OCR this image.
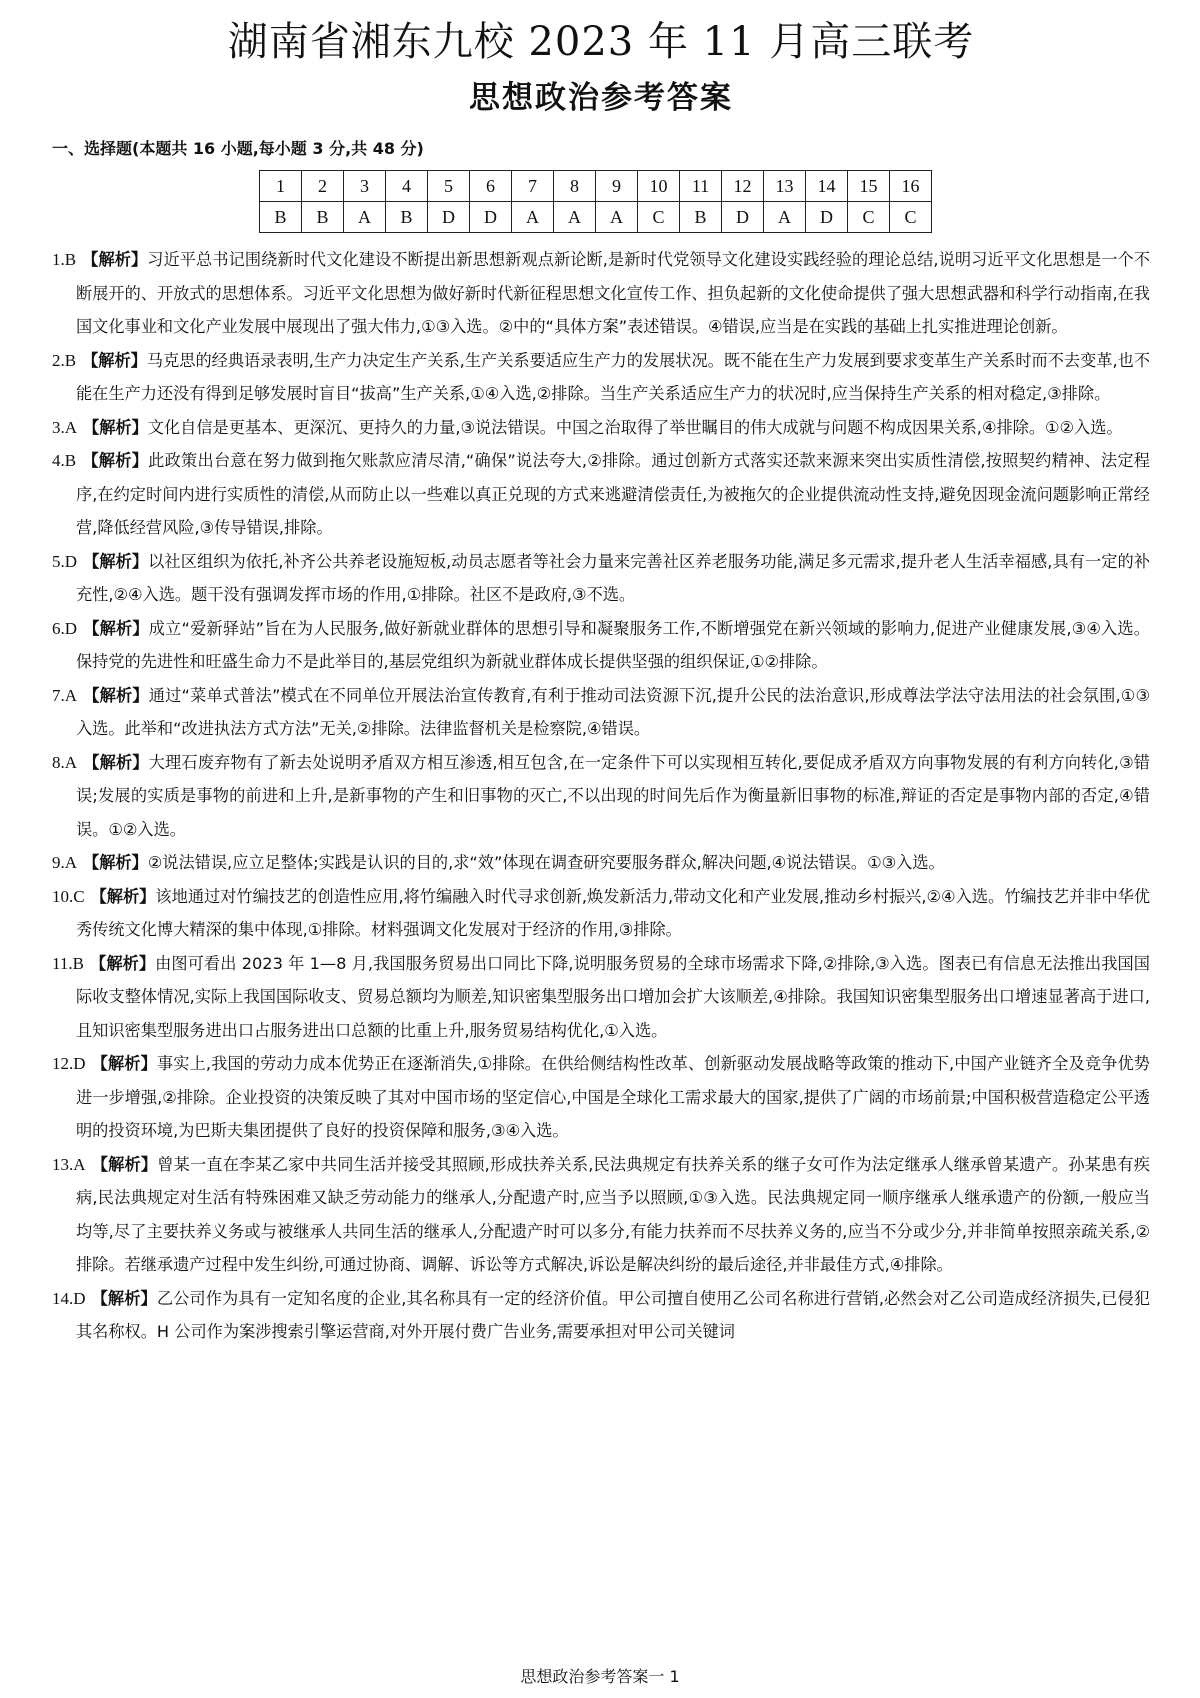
湖南省湘东九校 2023 年 11 月高三联考
思想政治参考答案
一、选择题(本题共 16 小题,每小题 3 分,共 48 分)
1	2	3	4	5	6	7	8	9	10	11	12	13	14	15	16
B	B	A	B	D	D	A	A	A	C	B	D	A	D	C	C

1.B 【解析】习近平总书记围绕新时代文化建设不断提出新思想新观点新论断,是新时代党领导文化建设实践经验的理论总结,说明习近平文化思想是一个不断展开的、开放式的思想体系。习近平文化思想为做好新时代新征程思想文化宣传工作、担负起新的文化使命提供了强大思想武器和科学行动指南,在我国文化事业和文化产业发展中展现出了强大伟力,①③入选。②中的“具体方案”表述错误。④错误,应当是在实践的基础上扎实推进理论创新。

2.B 【解析】马克思的经典语录表明,生产力决定生产关系,生产关系要适应生产力的发展状况。既不能在生产力发展到要求变革生产关系时而不去变革,也不能在生产力还没有得到足够发展时盲目“拔高”生产关系,①④入选,②排除。当生产关系适应生产力的状况时,应当保持生产关系的相对稳定,③排除。

3.A 【解析】文化自信是更基本、更深沉、更持久的力量,③说法错误。中国之治取得了举世瞩目的伟大成就与问题不构成因果关系,④排除。①②入选。

4.B 【解析】此政策出台意在努力做到拖欠账款应清尽清,“确保”说法夸大,②排除。通过创新方式落实还款来源来突出实质性清偿,按照契约精神、法定程序,在约定时间内进行实质性的清偿,从而防止以一些难以真正兑现的方式来逃避清偿责任,为被拖欠的企业提供流动性支持,避免因现金流问题影响正常经营,降低经营风险,③传导错误,排除。

5.D 【解析】以社区组织为依托,补齐公共养老设施短板,动员志愿者等社会力量来完善社区养老服务功能,满足多元需求,提升老人生活幸福感,具有一定的补充性,②④入选。题干没有强调发挥市场的作用,①排除。社区不是政府,③不选。

6.D 【解析】成立“爱新驿站”旨在为人民服务,做好新就业群体的思想引导和凝聚服务工作,不断增强党在新兴领域的影响力,促进产业健康发展,③④入选。保持党的先进性和旺盛生命力不是此举目的,基层党组织为新就业群体成长提供坚强的组织保证,①②排除。

7.A 【解析】通过“菜单式普法”模式在不同单位开展法治宣传教育,有利于推动司法资源下沉,提升公民的法治意识,形成尊法学法守法用法的社会氛围,①③入选。此举和“改进执法方式方法”无关,②排除。法律监督机关是检察院,④错误。

8.A 【解析】大理石废弃物有了新去处说明矛盾双方相互渗透,相互包含,在一定条件下可以实现相互转化,要促成矛盾双方向事物发展的有利方向转化,③错误;发展的实质是事物的前进和上升,是新事物的产生和旧事物的灭亡,不以出现的时间先后作为衡量新旧事物的标准,辩证的否定是事物内部的否定,④错误。①②入选。

9.A 【解析】②说法错误,应立足整体;实践是认识的目的,求“效”体现在调查研究要服务群众,解决问题,④说法错误。①③入选。

10.C 【解析】该地通过对竹编技艺的创造性应用,将竹编融入时代寻求创新,焕发新活力,带动文化和产业发展,推动乡村振兴,②④入选。竹编技艺并非中华优秀传统文化博大精深的集中体现,①排除。材料强调文化发展对于经济的作用,③排除。

11.B 【解析】由图可看出 2023 年 1—8 月,我国服务贸易出口同比下降,说明服务贸易的全球市场需求下降,②排除,③入选。图表已有信息无法推出我国国际收支整体情况,实际上我国国际收支、贸易总额均为顺差,知识密集型服务出口增加会扩大该顺差,④排除。我国知识密集型服务出口增速显著高于进口,且知识密集型服务进出口占服务进出口总额的比重上升,服务贸易结构优化,①入选。

12.D 【解析】事实上,我国的劳动力成本优势正在逐渐消失,①排除。在供给侧结构性改革、创新驱动发展战略等政策的推动下,中国产业链齐全及竞争优势进一步增强,②排除。企业投资的决策反映了其对中国市场的坚定信心,中国是全球化工需求最大的国家,提供了广阔的市场前景;中国积极营造稳定公平透明的投资环境,为巴斯夫集团提供了良好的投资保障和服务,③④入选。

13.A 【解析】曾某一直在李某乙家中共同生活并接受其照顾,形成扶养关系,民法典规定有扶养关系的继子女可作为法定继承人继承曾某遗产。孙某患有疾病,民法典规定对生活有特殊困难又缺乏劳动能力的继承人,分配遗产时,应当予以照顾,①③入选。民法典规定同一顺序继承人继承遗产的份额,一般应当均等,尽了主要扶养义务或与被继承人共同生活的继承人,分配遗产时可以多分,有能力扶养而不尽扶养义务的,应当不分或少分,并非简单按照亲疏关系,②排除。若继承遗产过程中发生纠纷,可通过协商、调解、诉讼等方式解决,诉讼是解决纠纷的最后途径,并非最佳方式,④排除。

14.D 【解析】乙公司作为具有一定知名度的企业,其名称具有一定的经济价值。甲公司擅自使用乙公司名称进行营销,必然会对乙公司造成经济损失,已侵犯其名称权。H 公司作为案涉搜索引擎运营商,对外开展付费广告业务,需要承担对甲公司关键词

思想政治参考答案一 1
